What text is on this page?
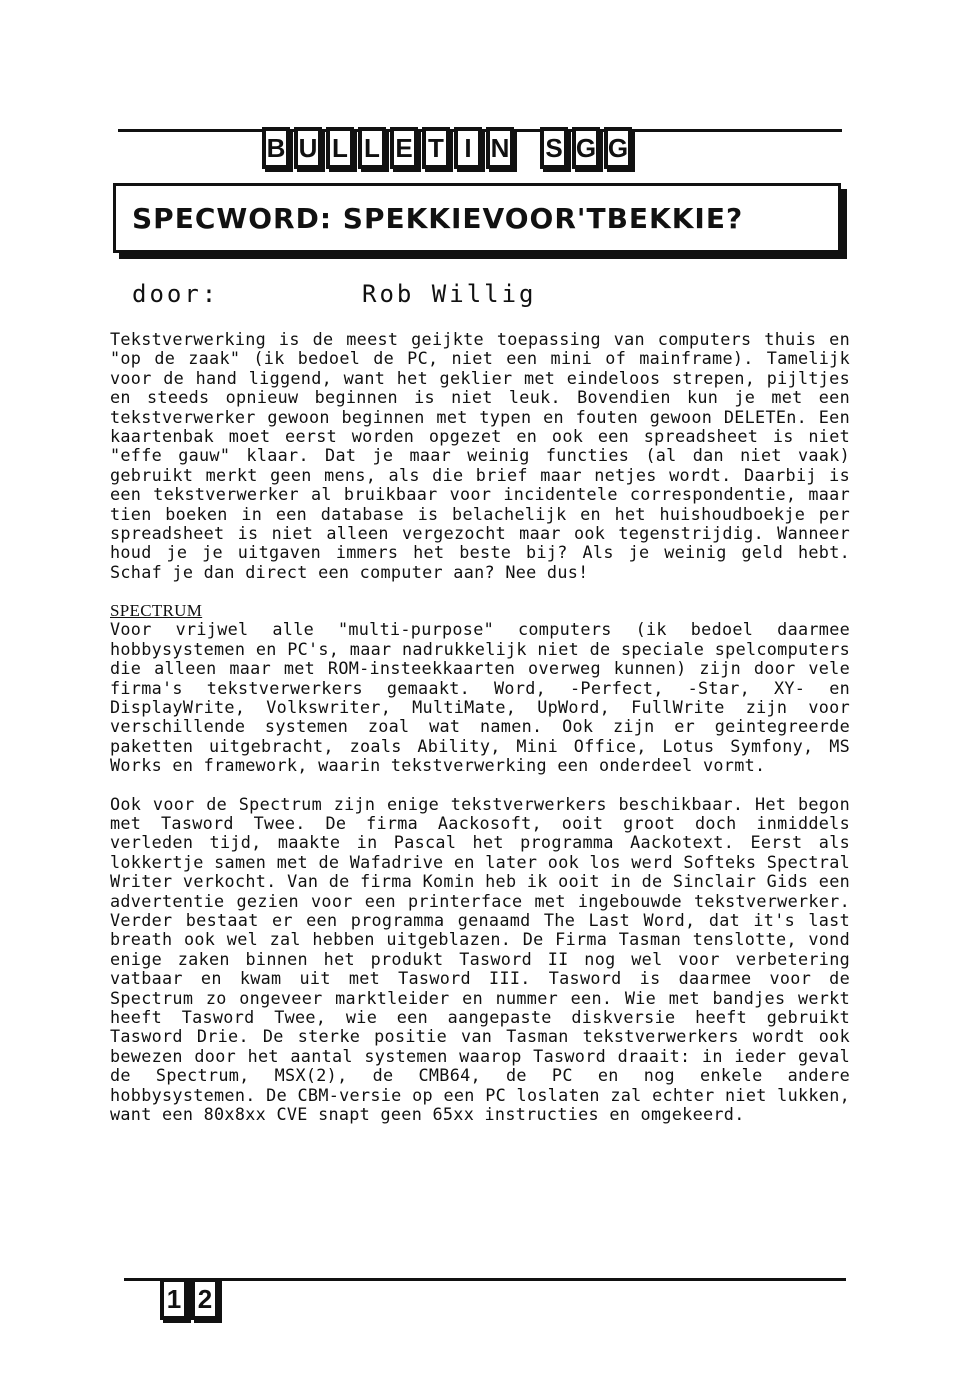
B U L L E T I N S G G
SPECWORD: SPEKKIEVOOR'TBEKKIE?
door:	Rob Willig

Tekstverwerking is de meest geijkte toepassing van computers thuis en "op de zaak" (ik bedoel de PC, niet een mini of mainframe). Tamelijk voor de hand liggend, want het geklier met eindeloos strepen, pijltjes en steeds opnieuw beginnen is niet leuk. Bovendien kun je met een tekstverwerker gewoon beginnen met typen en fouten gewoon DELETEn. Een kaartenbak moet eerst worden opgezet en ook een spreadsheet is niet "effe gauw" klaar. Dat je maar weinig functies (al dan niet vaak) gebruikt merkt geen mens, als die brief maar netjes wordt. Daarbij is een tekstverwerker al bruikbaar voor incidentele correspondentie, maar tien boeken in een database is belachelijk en het huishoudboekje per spreadsheet is niet alleen vergezocht maar ook tegenstrijdig. Wanneer houd je je uitgaven immers het beste bij? Als je weinig geld hebt. Schaf je dan direct een computer aan? Nee dus!

SPECTRUM

Voor vrijwel alle "multi-purpose" computers (ik bedoel daarmee hobbysystemen en PC's, maar nadrukkelijk niet de speciale spelcomputers die alleen maar met ROM-insteekkaarten overweg kunnen) zijn door vele firma's tekstverwerkers gemaakt. Word, -Perfect, -Star, XY- en DisplayWrite, Volkswriter, MultiMate, UpWord, FullWrite zijn voor verschillende systemen zoal wat namen. Ook zijn er geintegreerde paketten uitgebracht, zoals Ability, Mini Office, Lotus Symfony, MS Works en framework, waarin tekstverwerking een onderdeel vormt.

Ook voor de Spectrum zijn enige tekstverwerkers beschikbaar. Het begon met Tasword Twee. De firma Aackosoft, ooit groot doch inmiddels verleden tijd, maakte in Pascal het programma Aackotext. Eerst als lokkertje samen met de Wafadrive en later ook los werd Softeks Spectral Writer verkocht. Van de firma Komin heb ik ooit in de Sinclair Gids een advertentie gezien voor een printerface met ingebouwde tekstverwerker. Verder bestaat er een programma genaamd The Last Word, dat it's last breath ook wel zal hebben uitgeblazen. De Firma Tasman tenslotte, vond enige zaken binnen het produkt Tasword II nog wel voor verbetering vatbaar en kwam uit met Tasword III. Tasword is daarmee voor de Spectrum zo ongeveer marktleider en nummer een. Wie met bandjes werkt heeft Tasword Twee, wie een aangepaste diskversie heeft gebruikt Tasword Drie. De sterke positie van Tasman tekstverwerkers wordt ook bewezen door het aantal systemen waarop Tasword draait: in ieder geval de Spectrum, MSX(2), de CMB64, de PC en nog enkele andere hobbysystemen. De CBM-versie op een PC loslaten zal echter niet lukken, want een 80x8xx CVE snapt geen 65xx instructies en omgekeerd.

1 2
